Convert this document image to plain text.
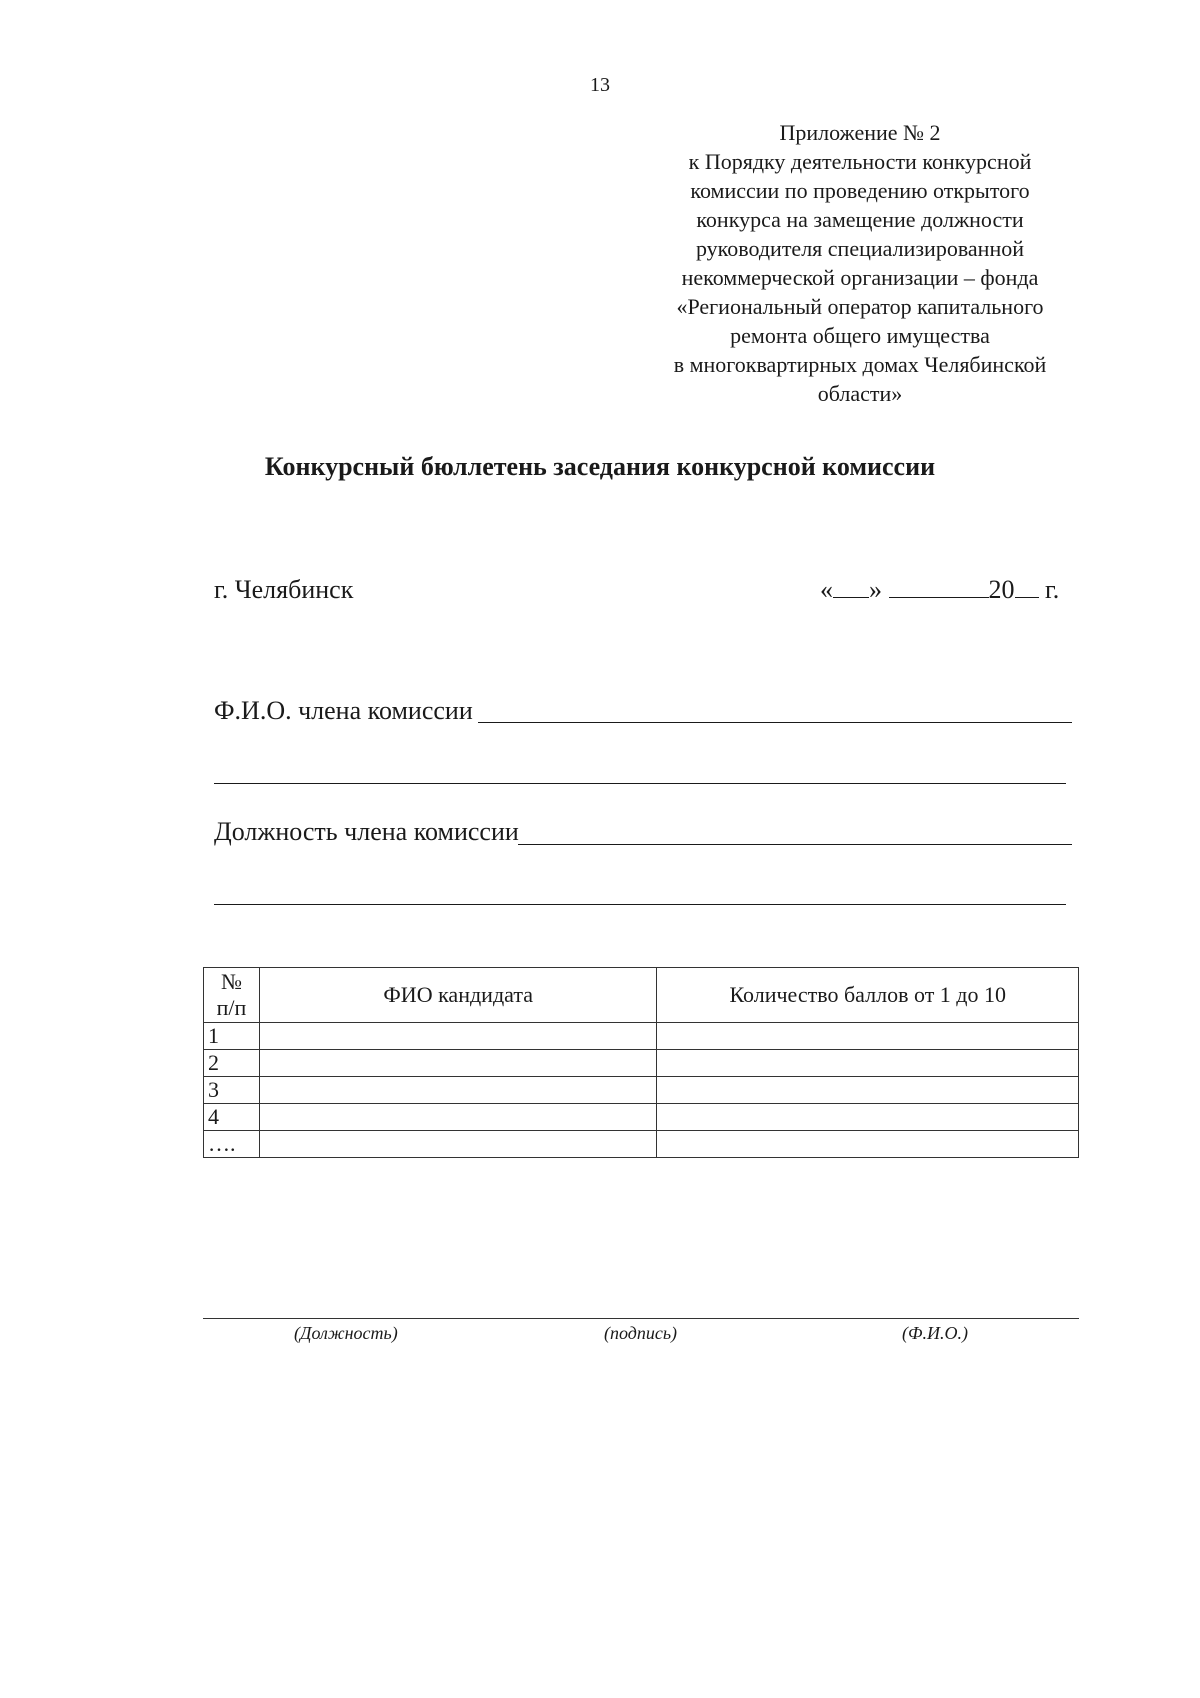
13
Приложение № 2
к Порядку деятельности конкурсной
комиссии по проведению открытого
конкурса на замещение должности
руководителя специализированной
некоммерческой организации – фонда
«Региональный оператор капитального
ремонта общего имущества
в многоквартирных домах Челябинской
области»
Конкурсный бюллетень заседания конкурсной комиссии
г. Челябинск	« »	20 г.
Ф.И.О. члена комиссии
Должность члена комиссии
№
п/п	ФИО кандидата	Количество баллов от 1 до 10
1		
2		
3		
4		
….		
(Должность)	(подпись)	(Ф.И.О.)
